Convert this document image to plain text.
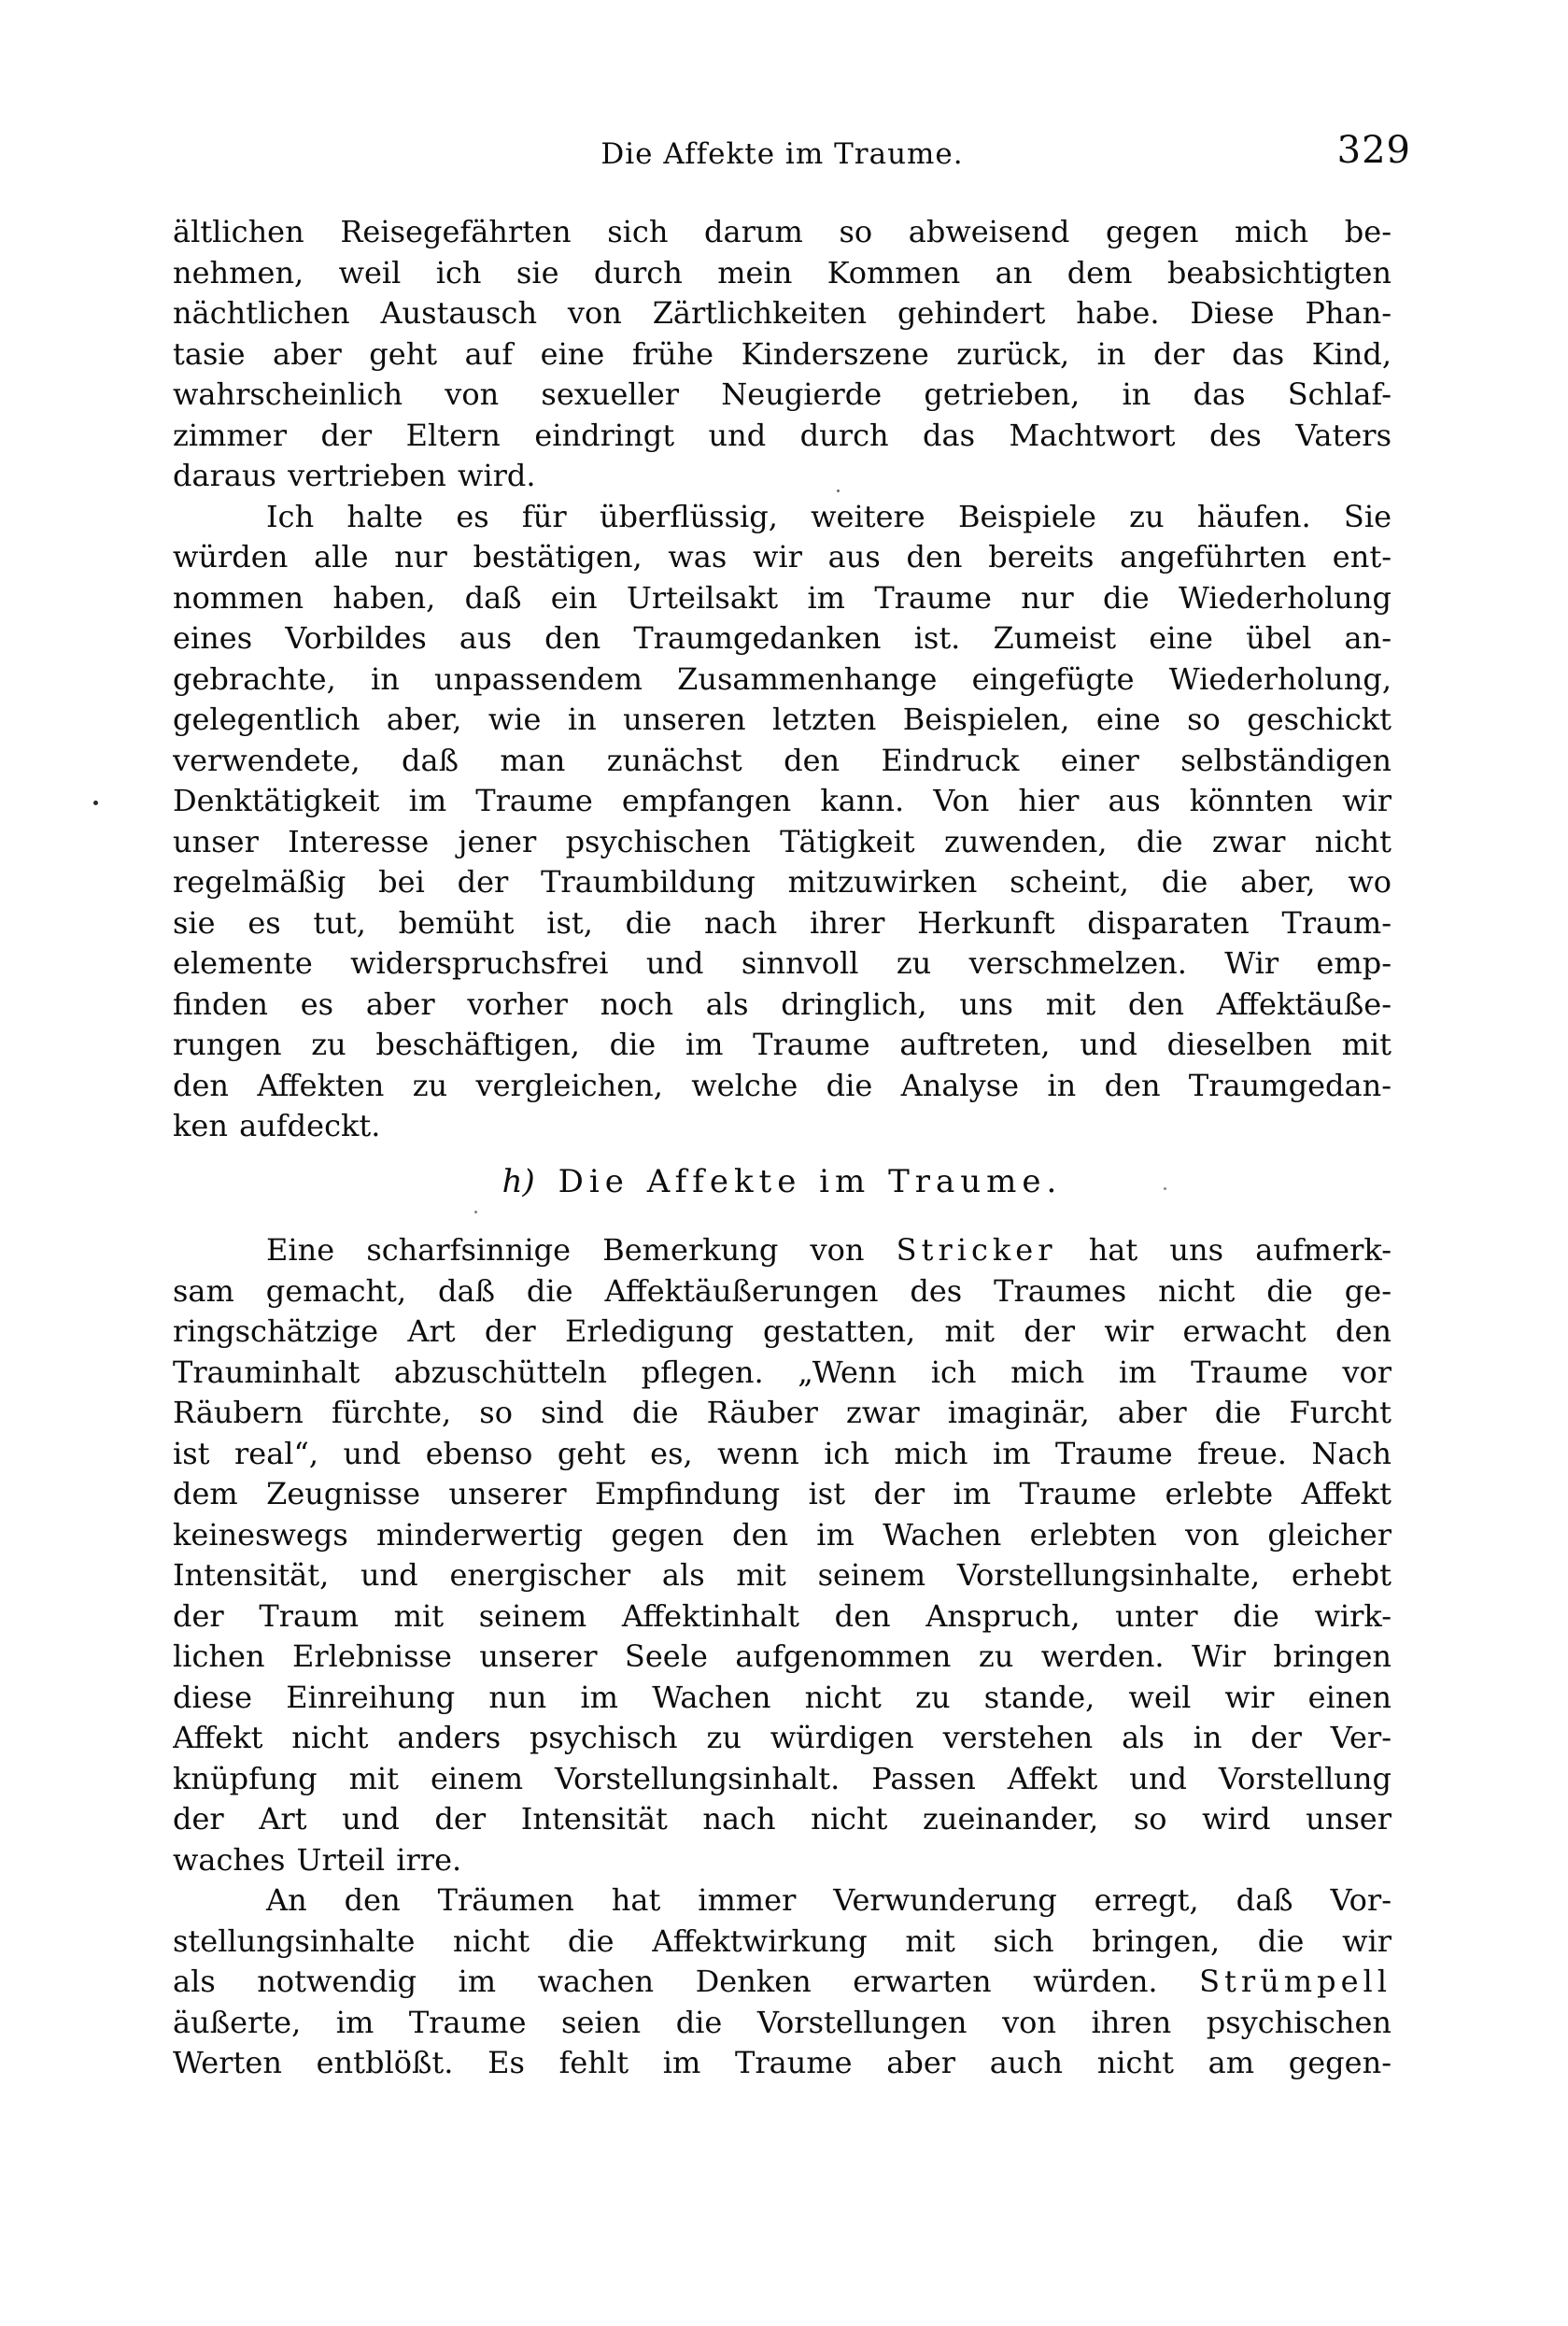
Die Affekte im Traume.	329
ältlichen Reisegefährten sich darum so abweisend gegen mich be-
nehmen, weil ich sie durch mein Kommen an dem beabsichtigten
nächtlichen Austausch von Zärtlichkeiten gehindert habe. Diese Phan-
tasie aber geht auf eine frühe Kinderszene zurück, in der das Kind,
wahrscheinlich von sexueller Neugierde getrieben, in das Schlaf-
zimmer der Eltern eindringt und durch das Machtwort des Vaters
daraus vertrieben wird.
Ich halte es für überflüssig, weitere Beispiele zu häufen. Sie
würden alle nur bestätigen, was wir aus den bereits angeführten ent-
nommen haben, daß ein Urteilsakt im Traume nur die Wiederholung
eines Vorbildes aus den Traumgedanken ist. Zumeist eine übel an-
gebrachte, in unpassendem Zusammenhange eingefügte Wiederholung,
gelegentlich aber, wie in unseren letzten Beispielen, eine so geschickt
verwendete, daß man zunächst den Eindruck einer selbständigen
Denktätigkeit im Traume empfangen kann. Von hier aus könnten wir
unser Interesse jener psychischen Tätigkeit zuwenden, die zwar nicht
regelmäßig bei der Traumbildung mitzuwirken scheint, die aber, wo
sie es tut, bemüht ist, die nach ihrer Herkunft disparaten Traum-
elemente widerspruchsfrei und sinnvoll zu verschmelzen. Wir emp-
finden es aber vorher noch als dringlich, uns mit den Affektäuße-
rungen zu beschäftigen, die im Traume auftreten, und dieselben mit
den Affekten zu vergleichen, welche die Analyse in den Traumgedan-
ken aufdeckt.
h) Die Affekte im Traume.
Eine scharfsinnige Bemerkung von Stricker hat uns aufmerk-
sam gemacht, daß die Affektäußerungen des Traumes nicht die ge-
ringschätzige Art der Erledigung gestatten, mit der wir erwacht den
Trauminhalt abzuschütteln pflegen. „Wenn ich mich im Traume vor
Räubern fürchte, so sind die Räuber zwar imaginär, aber die Furcht
ist real“, und ebenso geht es, wenn ich mich im Traume freue. Nach
dem Zeugnisse unserer Empfindung ist der im Traume erlebte Affekt
keineswegs minderwertig gegen den im Wachen erlebten von gleicher
Intensität, und energischer als mit seinem Vorstellungsinhalte, erhebt
der Traum mit seinem Affektinhalt den Anspruch, unter die wirk-
lichen Erlebnisse unserer Seele aufgenommen zu werden. Wir bringen
diese Einreihung nun im Wachen nicht zu stande, weil wir einen
Affekt nicht anders psychisch zu würdigen verstehen als in der Ver-
knüpfung mit einem Vorstellungsinhalt. Passen Affekt und Vorstellung
der Art und der Intensität nach nicht zueinander, so wird unser
waches Urteil irre.
An den Träumen hat immer Verwunderung erregt, daß Vor-
stellungsinhalte nicht die Affektwirkung mit sich bringen, die wir
als notwendig im wachen Denken erwarten würden. Strümpell
äußerte, im Traume seien die Vorstellungen von ihren psychischen
Werten entblößt. Es fehlt im Traume aber auch nicht am gegen-
